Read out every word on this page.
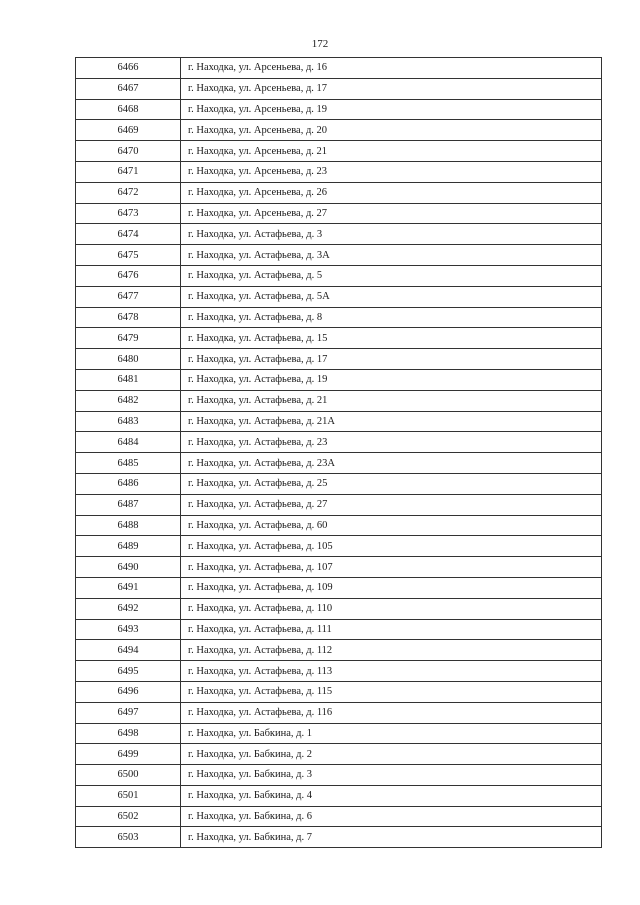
172
6466	г. Находка, ул. Арсеньева, д. 16
6467	г. Находка, ул. Арсеньева, д. 17
6468	г. Находка, ул. Арсеньева, д. 19
6469	г. Находка, ул. Арсеньева, д. 20
6470	г. Находка, ул. Арсеньева, д. 21
6471	г. Находка, ул. Арсеньева, д. 23
6472	г. Находка, ул. Арсеньева, д. 26
6473	г. Находка, ул. Арсеньева, д. 27
6474	г. Находка, ул. Астафьева, д. 3
6475	г. Находка, ул. Астафьева, д. 3А
6476	г. Находка, ул. Астафьева, д. 5
6477	г. Находка, ул. Астафьева, д. 5А
6478	г. Находка, ул. Астафьева, д. 8
6479	г. Находка, ул. Астафьева, д. 15
6480	г. Находка, ул. Астафьева, д. 17
6481	г. Находка, ул. Астафьева, д. 19
6482	г. Находка, ул. Астафьева, д. 21
6483	г. Находка, ул. Астафьева, д. 21А
6484	г. Находка, ул. Астафьева, д. 23
6485	г. Находка, ул. Астафьева, д. 23А
6486	г. Находка, ул. Астафьева, д. 25
6487	г. Находка, ул. Астафьева, д. 27
6488	г. Находка, ул. Астафьева, д. 60
6489	г. Находка, ул. Астафьева, д. 105
6490	г. Находка, ул. Астафьева, д. 107
6491	г. Находка, ул. Астафьева, д. 109
6492	г. Находка, ул. Астафьева, д. 110
6493	г. Находка, ул. Астафьева, д. 111
6494	г. Находка, ул. Астафьева, д. 112
6495	г. Находка, ул. Астафьева, д. 113
6496	г. Находка, ул. Астафьева, д. 115
6497	г. Находка, ул. Астафьева, д. 116
6498	г. Находка, ул. Бабкина, д. 1
6499	г. Находка, ул. Бабкина, д. 2
6500	г. Находка, ул. Бабкина, д. 3
6501	г. Находка, ул. Бабкина, д. 4
6502	г. Находка, ул. Бабкина, д. 6
6503	г. Находка, ул. Бабкина, д. 7
